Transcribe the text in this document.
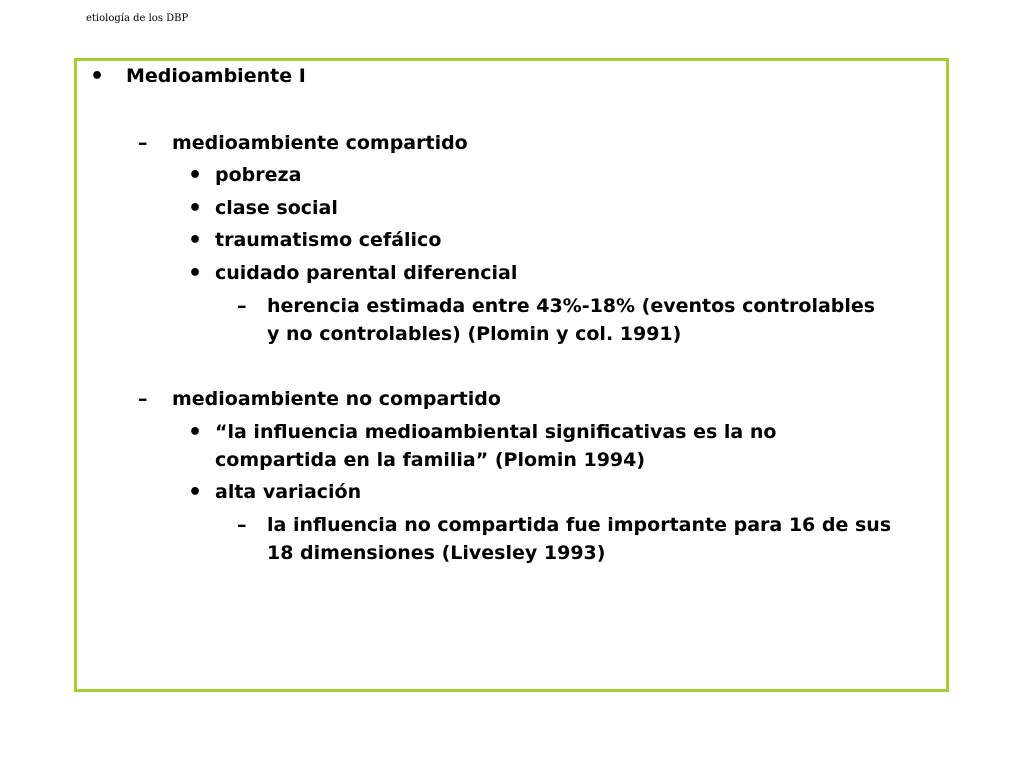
etiología de los DBP
• Medioambiente I
– medioambiente compartido
• pobreza
• clase social
• traumatismo cefálico
• cuidado parental diferencial
– herencia estimada entre 43%-18% (eventos controlables
y no controlables) (Plomin y col. 1991)
– medioambiente no compartido
• “la influencia medioambiental significativas es la no
compartida en la familia” (Plomin 1994)
• alta variación
– la influencia no compartida fue importante para 16 de sus
18 dimensiones (Livesley 1993)
